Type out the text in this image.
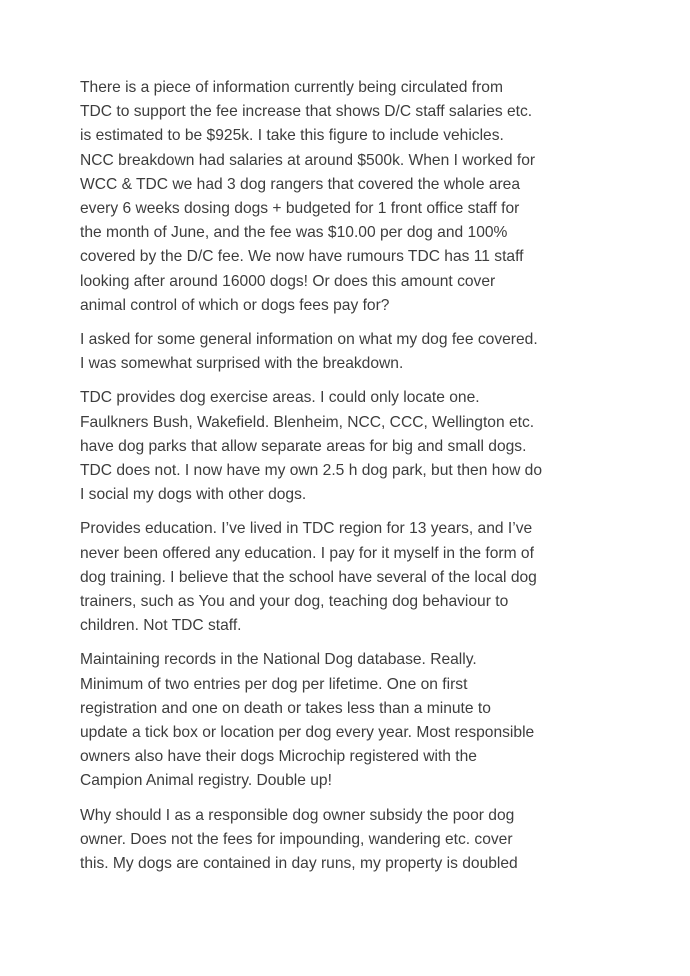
There is a piece of information currently being circulated from
TDC to support the fee increase that shows D/C staff salaries etc.
is estimated to be $925k. I take this figure to include vehicles.
NCC breakdown had salaries at around $500k. When I worked for
WCC & TDC we had 3 dog rangers that covered the whole area
every 6 weeks dosing dogs + budgeted for 1 front office staff for
the month of June, and the fee was $10.00 per dog and 100%
covered by the D/C fee. We now have rumours TDC has 11 staff
looking after around 16000 dogs! Or does this amount cover
animal control of which or dogs fees pay for?

I asked for some general information on what my dog fee covered.
I was somewhat surprised with the breakdown.

TDC provides dog exercise areas. I could only locate one.
Faulkners Bush, Wakefield. Blenheim, NCC, CCC, Wellington etc.
have dog parks that allow separate areas for big and small dogs.
TDC does not. I now have my own 2.5 h dog park, but then how do
I social my dogs with other dogs.

Provides education. I’ve lived in TDC region for 13 years, and I’ve
never been offered any education. I pay for it myself in the form of
dog training. I believe that the school have several of the local dog
trainers, such as You and your dog, teaching dog behaviour to
children. Not TDC staff.

Maintaining records in the National Dog database. Really.
Minimum of two entries per dog per lifetime. One on first
registration and one on death or takes less than a minute to
update a tick box or location per dog every year. Most responsible
owners also have their dogs Microchip registered with the
Campion Animal registry. Double up!

Why should I as a responsible dog owner subsidy the poor dog
owner. Does not the fees for impounding, wandering etc. cover
this. My dogs are contained in day runs, my property is doubled
